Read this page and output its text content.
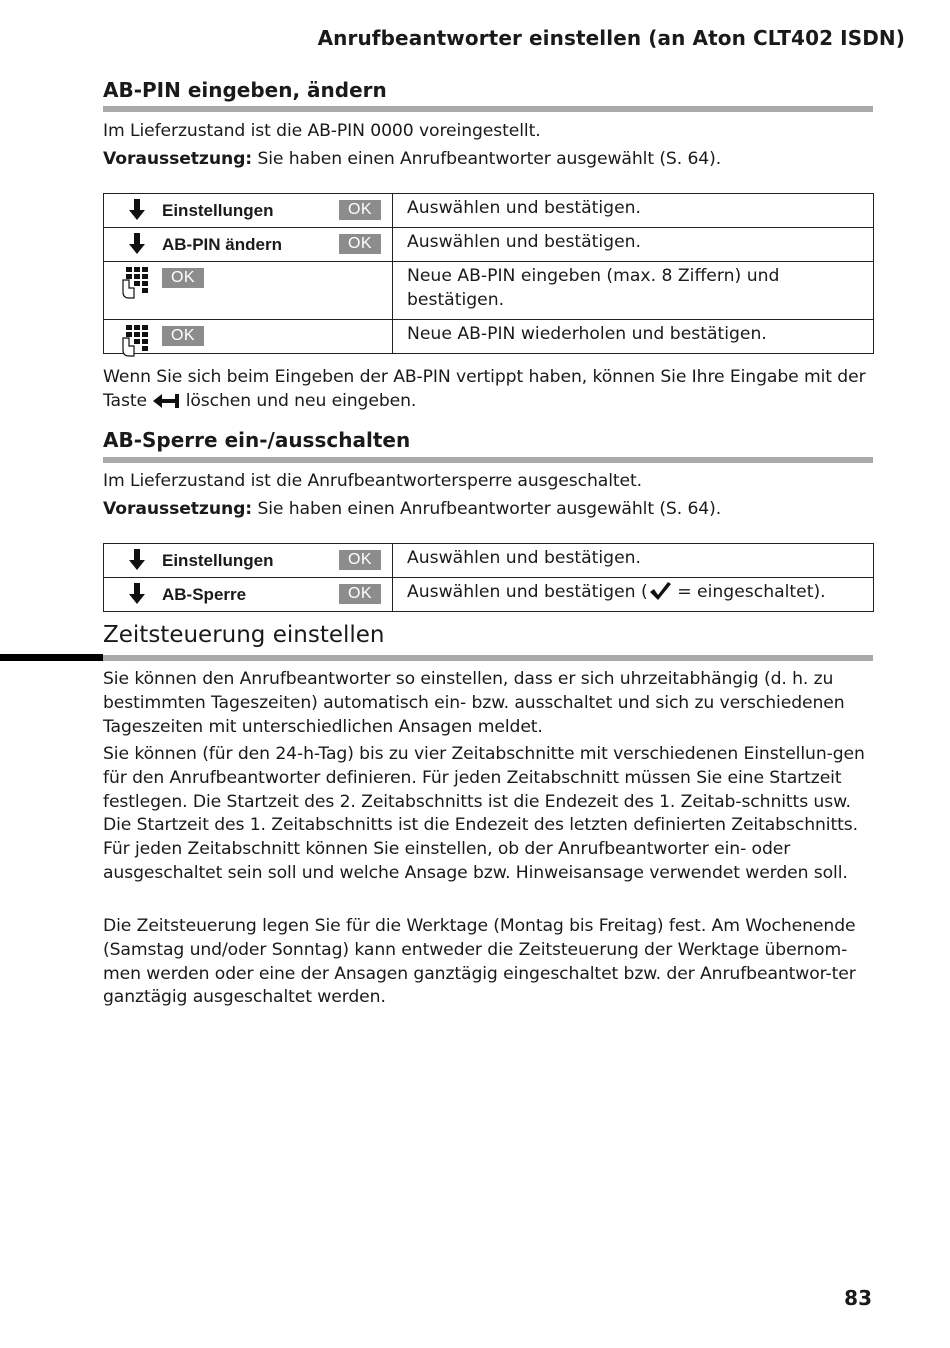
Anrufbeantworter einstellen (an Aton CLT402 ISDN)
AB-PIN eingeben, ändern
Im Lieferzustand ist die AB-PIN 0000 voreingestellt.
Voraussetzung: Sie haben einen Anrufbeantworter ausgewählt (S. 64).
Einstellungen OK	Auswählen und bestätigen.

AB-PIN ändern OK	Auswählen und bestätigen.

OK	Neue AB-PIN eingeben (max. 8 Ziffern) und bestätigen.

OK	Neue AB-PIN wiederholen und bestätigen.
Wenn Sie sich beim Eingeben der AB-PIN vertippt haben, können Sie Ihre Eingabe mit der Taste  löschen und neu eingeben.
AB-Sperre ein-/ausschalten
Im Lieferzustand ist die Anrufbeantwortersperre ausgeschaltet.
Voraussetzung: Sie haben einen Anrufbeantworter ausgewählt (S. 64).
Einstellungen OK	Auswählen und bestätigen.

AB-Sperre OK	Auswählen und bestätigen ( = eingeschaltet).
Zeitsteuerung einstellen
Sie können den Anrufbeantworter so einstellen, dass er sich uhrzeitabhängig (d. h. zu bestimmten Tageszeiten) automatisch ein- bzw. ausschaltet und sich zu verschiedenen Tageszeiten mit unterschiedlichen Ansagen meldet.
Sie können (für den 24-h-Tag) bis zu vier Zeitabschnitte mit verschiedenen Einstellun-gen für den Anrufbeantworter definieren. Für jeden Zeitabschnitt müssen Sie eine Startzeit festlegen. Die Startzeit des 2. Zeitabschnitts ist die Endezeit des 1. Zeitab-schnitts usw. Die Startzeit des 1. Zeitabschnitts ist die Endezeit des letzten definierten Zeitabschnitts. Für jeden Zeitabschnitt können Sie einstellen, ob der Anrufbeantworter ein- oder ausgeschaltet sein soll und welche Ansage bzw. Hinweisansage verwendet werden soll.
Die Zeitsteuerung legen Sie für die Werktage (Montag bis Freitag) fest. Am Wochenende (Samstag und/oder Sonntag) kann entweder die Zeitsteuerung der Werktage übernom-men werden oder eine der Ansagen ganztägig eingeschaltet bzw. der Anrufbeantwor-ter ganztägig ausgeschaltet werden.
83
